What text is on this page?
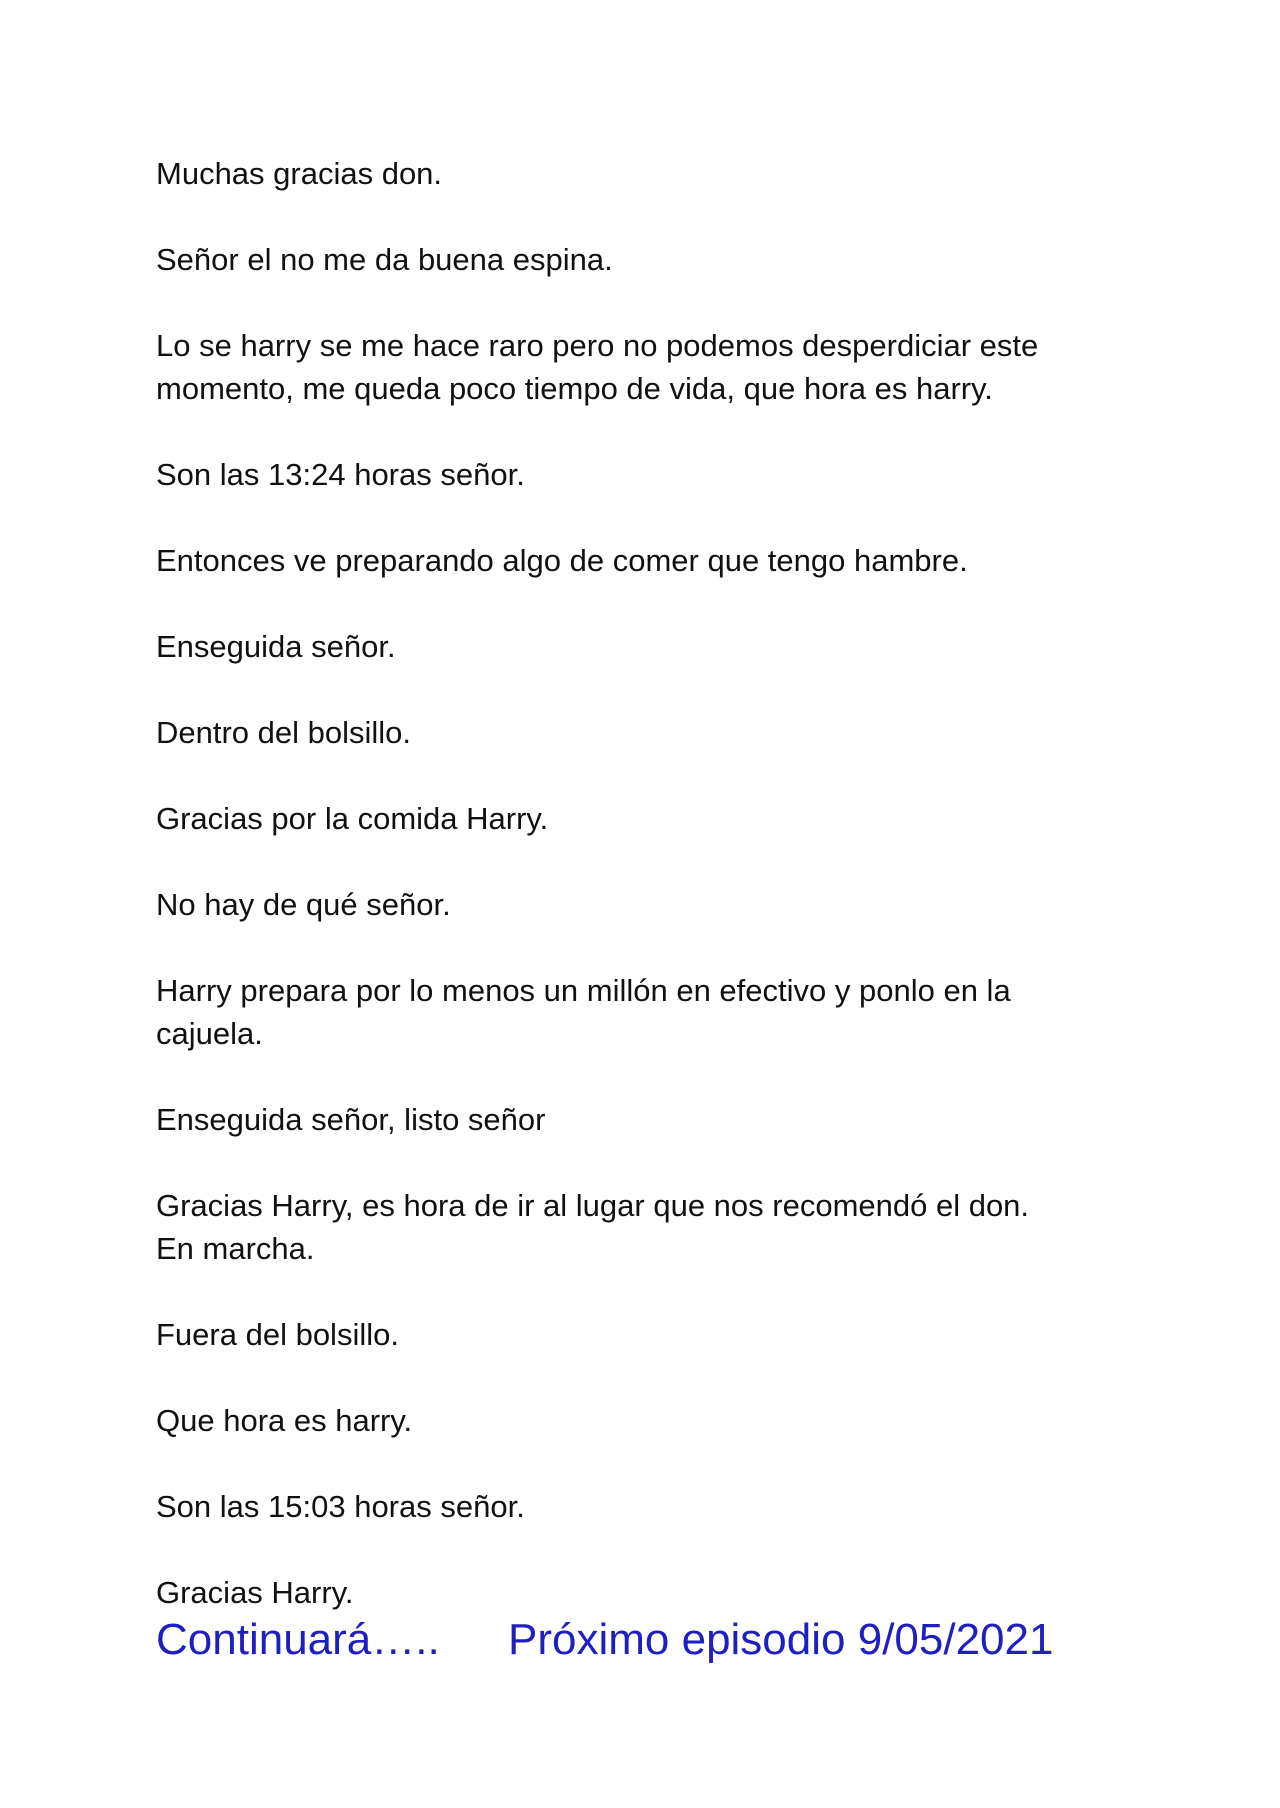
Muchas gracias don.

Señor el no me da buena espina.

Lo se harry se me hace raro pero no podemos desperdiciar este
momento, me queda poco tiempo de vida, que hora es harry.

Son las 13:24 horas señor.

Entonces ve preparando algo de comer que tengo hambre.

Enseguida señor.

Dentro del bolsillo.

Gracias por la comida Harry.

No hay de qué señor.

Harry prepara por lo menos un millón en efectivo y ponlo en la
cajuela.

Enseguida señor, listo señor

Gracias Harry, es hora de ir al lugar que nos recomendó el don.
En marcha.

Fuera del bolsillo.

Que hora es harry.

Son las 15:03 horas señor.

Gracias Harry.

Continuará….. Próximo episodio 9/05/2021
